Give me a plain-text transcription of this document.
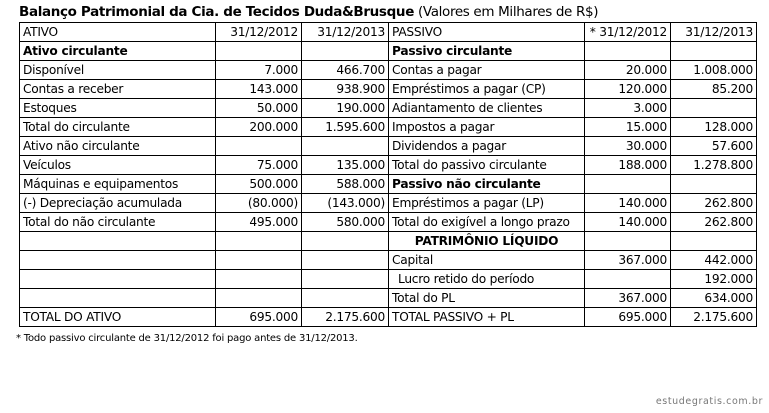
Balanço Patrimonial da Cia. de Tecidos Duda&Brusque (Valores em Milhares de R$)
ATIVO	31/12/2012	31/12/2013	PASSIVO	* 31/12/2012	31/12/2013
Ativo circulante			Passivo circulante		
Disponível	7.000	466.700	Contas a pagar	20.000	1.008.000
Contas a receber	143.000	938.900	Empréstimos a pagar (CP)	120.000	85.200
Estoques	50.000	190.000	Adiantamento de clientes	3.000	
Total do circulante	200.000	1.595.600	Impostos a pagar	15.000	128.000
Ativo não circulante			Dividendos a pagar	30.000	57.600
Veículos	75.000	135.000	Total do passivo circulante	188.000	1.278.800
Máquinas e equipamentos	500.000	588.000	Passivo não circulante		
(-) Depreciação acumulada	(80.000)	(143.000)	Empréstimos a pagar (LP)	140.000	262.800
Total do não circulante	495.000	580.000	Total do exigível a longo prazo	140.000	262.800
			PATRIMÔNIO LÍQUIDO		
			Capital	367.000	442.000
			Lucro retido do período		192.000
			Total do PL	367.000	634.000
TOTAL DO ATIVO	695.000	2.175.600	TOTAL PASSIVO + PL	695.000	2.175.600
* Todo passivo circulante de 31/12/2012 foi pago antes de 31/12/2013.
estudegratis.com.br
